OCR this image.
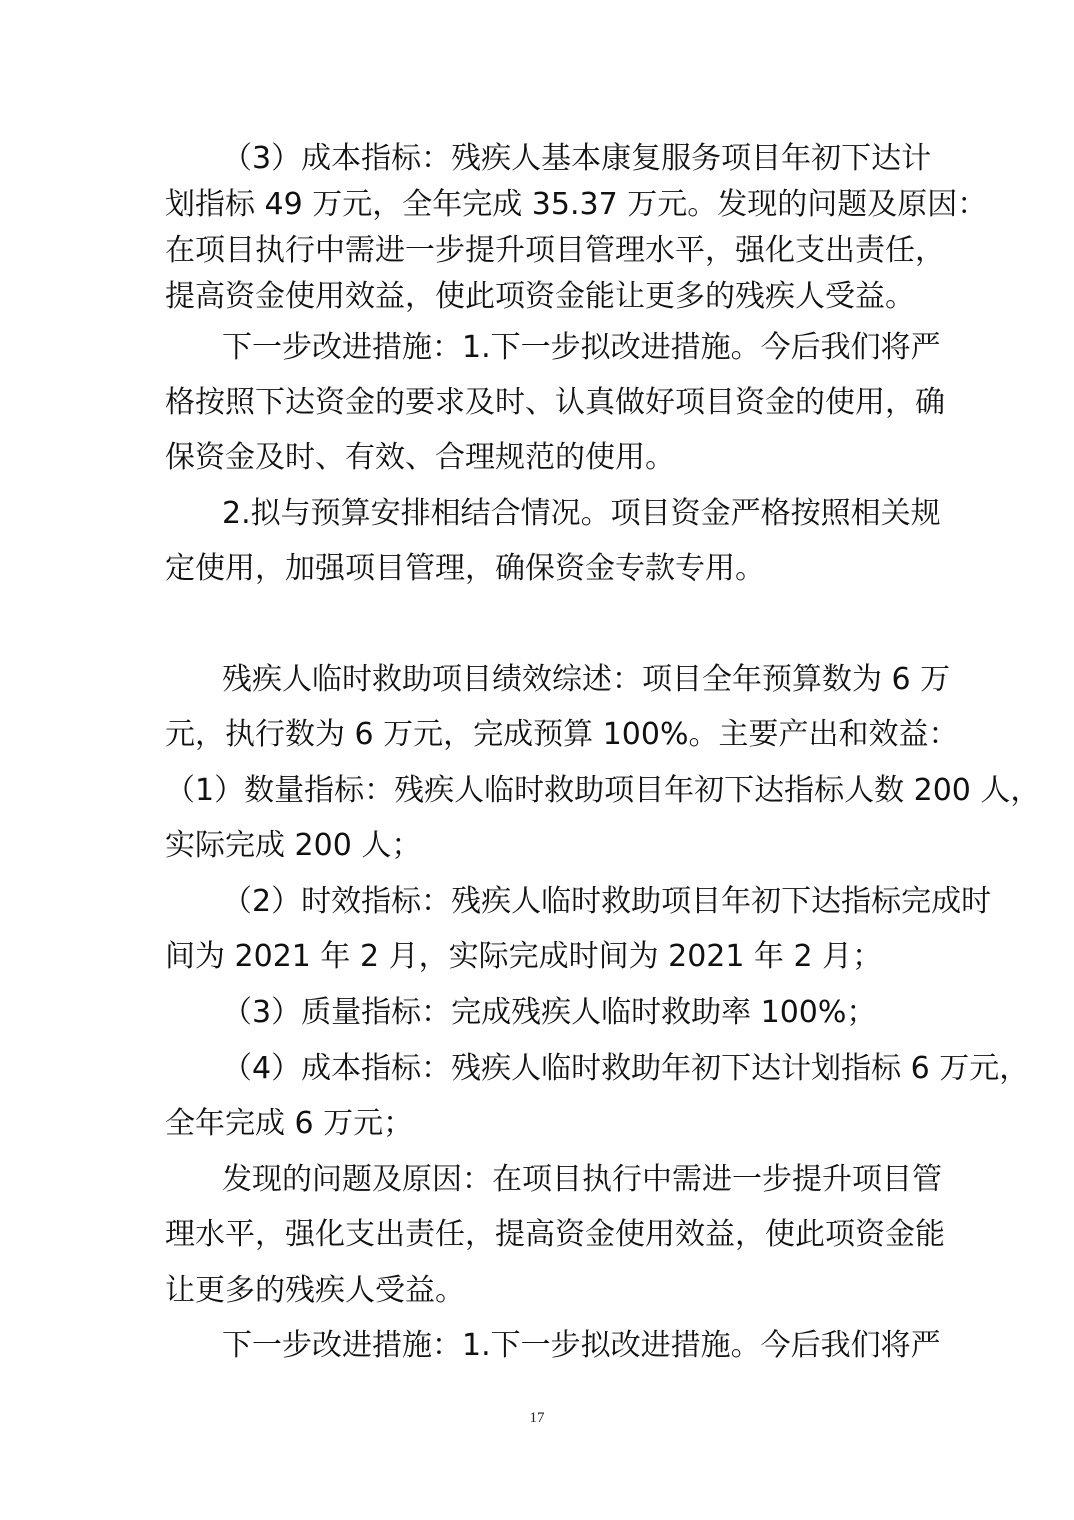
（3）成本指标：残疾人基本康复服务项目年初下达计
划指标 49 万元，全年完成 35.37 万元。发现的问题及原因：
在项目执行中需进一步提升项目管理水平，强化支出责任，
提高资金使用效益，使此项资金能让更多的残疾人受益。
下一步改进措施：1.下一步拟改进措施。今后我们将严
格按照下达资金的要求及时、认真做好项目资金的使用，确
保资金及时、有效、合理规范的使用。
2.拟与预算安排相结合情况。项目资金严格按照相关规
定使用，加强项目管理，确保资金专款专用。
残疾人临时救助项目绩效综述：项目全年预算数为 6 万
元，执行数为 6 万元，完成预算 100%。主要产出和效益：
（1）数量指标：残疾人临时救助项目年初下达指标人数 200 人，
实际完成 200 人；
（2）时效指标：残疾人临时救助项目年初下达指标完成时
间为 2021 年 2 月，实际完成时间为 2021 年 2 月；
（3）质量指标：完成残疾人临时救助率 100%；
（4）成本指标：残疾人临时救助年初下达计划指标 6 万元，
全年完成 6 万元；
发现的问题及原因：在项目执行中需进一步提升项目管
理水平，强化支出责任，提高资金使用效益，使此项资金能
让更多的残疾人受益。
下一步改进措施：1.下一步拟改进措施。今后我们将严
17
